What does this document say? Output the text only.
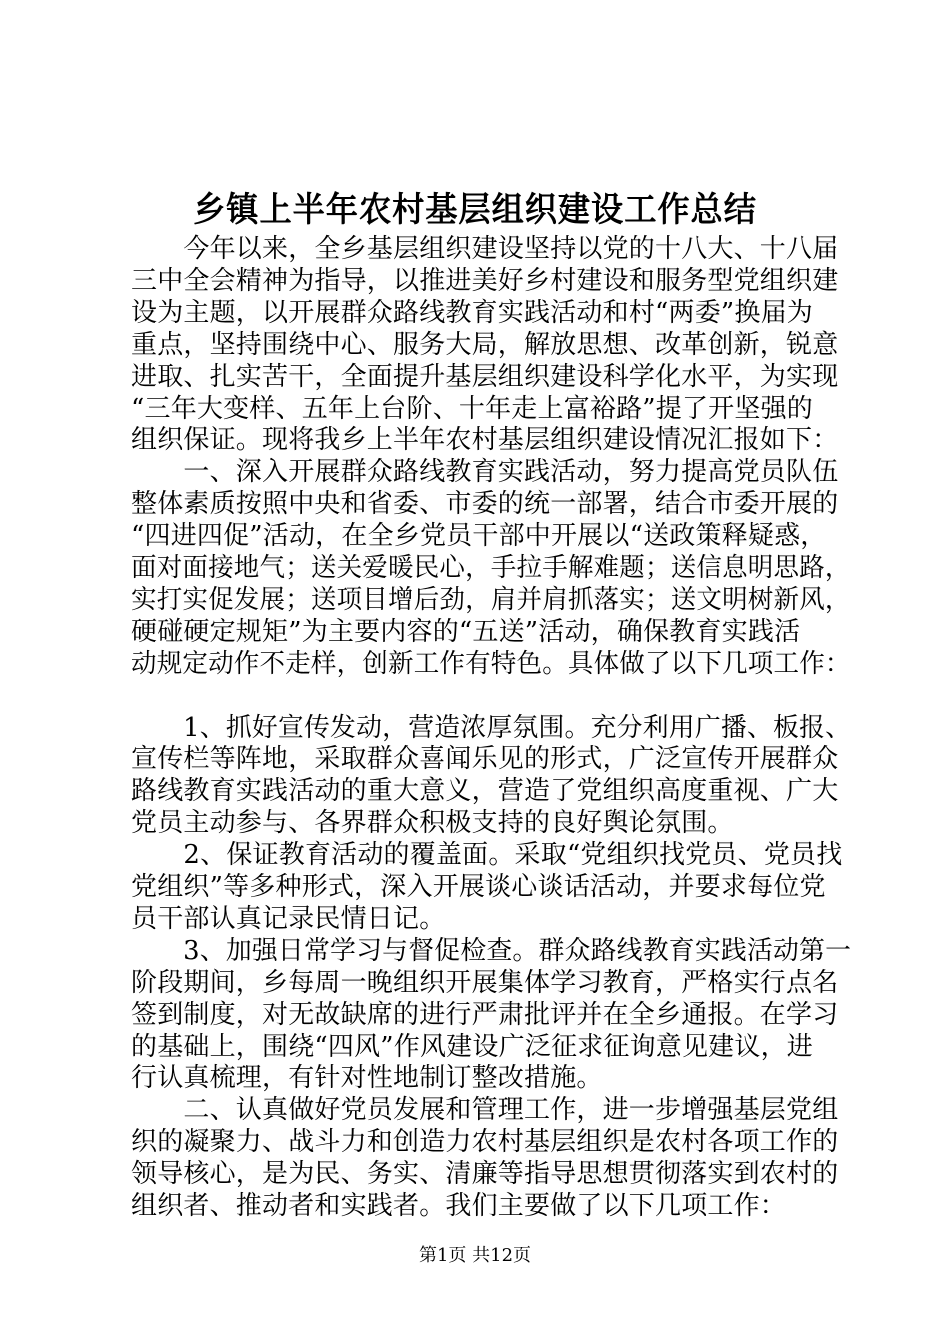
乡镇上半年农村基层组织建设工作总结
　　今年以来，全乡基层组织建设坚持以党的十八大、十八届
三中全会精神为指导，以推进美好乡村建设和服务型党组织建
设为主题，以开展群众路线教育实践活动和村“两委”换届为
重点，坚持围绕中心、服务大局，解放思想、改革创新，锐意
进取、扎实苦干，全面提升基层组织建设科学化水平，为实现
“三年大变样、五年上台阶、十年走上富裕路”提了开坚强的
组织保证。现将我乡上半年农村基层组织建设情况汇报如下：
　　一、深入开展群众路线教育实践活动，努力提高党员队伍
整体素质按照中央和省委、市委的统一部署，结合市委开展的
“四进四促”活动，在全乡党员干部中开展以“送政策释疑惑，
面对面接地气；送关爱暖民心，手拉手解难题；送信息明思路，
实打实促发展；送项目增后劲，肩并肩抓落实；送文明树新风，
硬碰硬定规矩”为主要内容的“五送”活动，确保教育实践活
动规定动作不走样，创新工作有特色。具体做了以下几项工作：
　　1、抓好宣传发动，营造浓厚氛围。充分利用广播、板报、
宣传栏等阵地，采取群众喜闻乐见的形式，广泛宣传开展群众
路线教育实践活动的重大意义，营造了党组织高度重视、广大
党员主动参与、各界群众积极支持的良好舆论氛围。
　　2、保证教育活动的覆盖面。采取“党组织找党员、党员找
党组织”等多种形式，深入开展谈心谈话活动，并要求每位党
员干部认真记录民情日记。
　　3、加强日常学习与督促检查。群众路线教育实践活动第一
阶段期间，乡每周一晚组织开展集体学习教育，严格实行点名
签到制度，对无故缺席的进行严肃批评并在全乡通报。在学习
的基础上，围绕“四风”作风建设广泛征求征询意见建议，进
行认真梳理，有针对性地制订整改措施。
　　二、认真做好党员发展和管理工作，进一步增强基层党组
织的凝聚力、战斗力和创造力农村基层组织是农村各项工作的
领导核心，是为民、务实、清廉等指导思想贯彻落实到农村的
组织者、推动者和实践者。我们主要做了以下几项工作：
第1页 共12页
